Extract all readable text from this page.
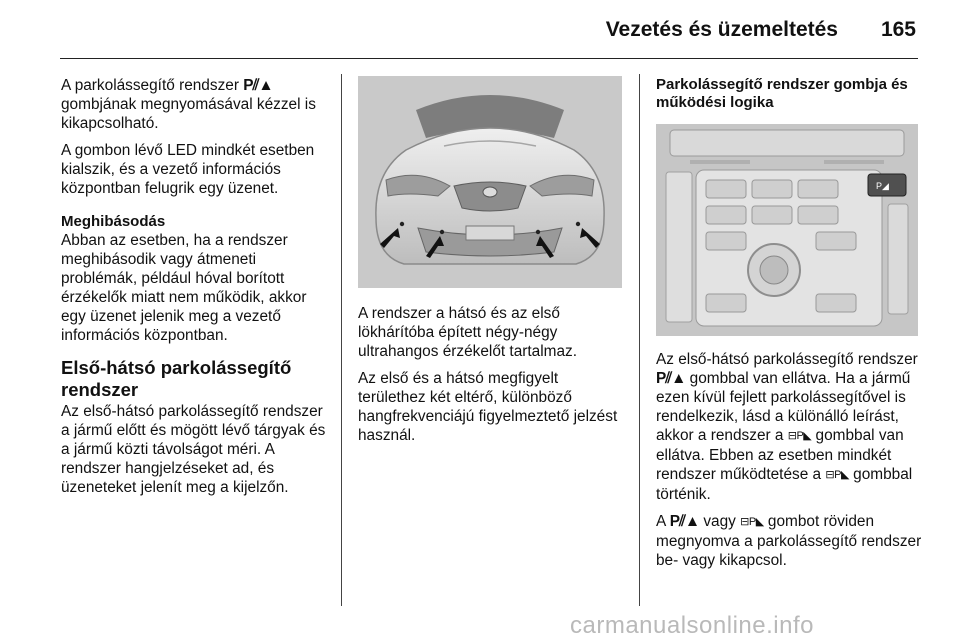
Vezetés és üzemeltetés 165

A parkolássegítő rendszer P⫽▲ gombjának megnyomásával kézzel is kikapcsolható.

A gombon lévő LED mindkét esetben kialszik, és a vezető információs központban felugrik egy üzenet.

Meghibásodás
Abban az esetben, ha a rendszer meghibásodik vagy átmeneti problémák, például hóval borított érzékelők miatt nem működik, akkor egy üzenet jelenik meg a vezető információs központban.

Első-hátsó parkolássegítő rendszer

Az első-hátsó parkolássegítő rendszer a jármű előtt és mögött lévő tárgyak és a jármű közti távolságot méri. A rendszer hangjelzéseket ad, és üzeneteket jelenít meg a kijelzőn.

A rendszer a hátsó és az első lökhárítóba épített négy-négy ultrahangos érzékelőt tartalmaz.

Az első és a hátsó megfigyelt területhez két eltérő, különböző hangfrekvenciájú figyelmeztető jelzést használ.

Parkolássegítő rendszer gombja és működési logika
P◢

Az első-hátsó parkolássegítő rendszer P⫽▲ gombbal van ellátva. Ha a jármű ezen kívül fejlett parkolássegítővel is rendelkezik, lásd a különálló leírást, akkor a rendszer a ⊟P◣ gombbal van ellátva. Ebben az esetben mindkét rendszer működtetése a ⊟P◣ gombbal történik.

A P⫽▲ vagy ⊟P◣ gombot röviden megnyomva a parkolássegítő rendszer be- vagy kikapcsol.

carmanualsonline.info
